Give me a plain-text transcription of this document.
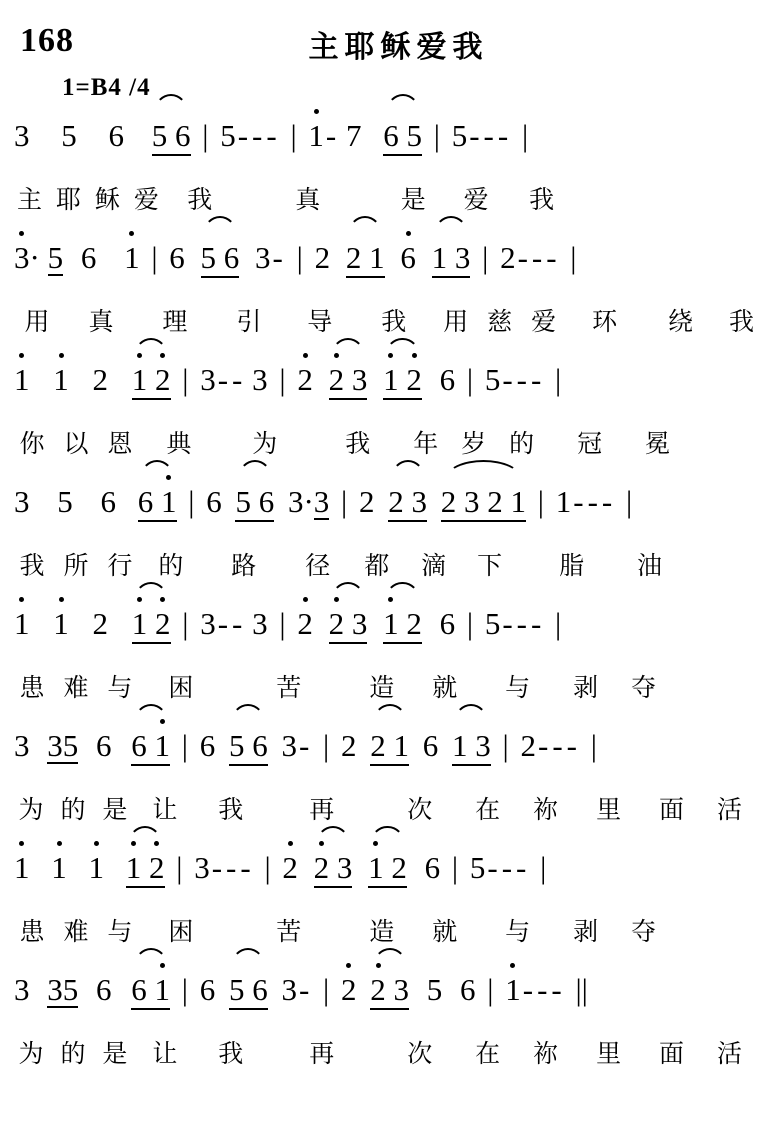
168	主耶稣爱我
1=B4 /4
3 5 6 5 6 | 5- - - | 1- 7 6 5 | 5- - - |
主 耶 稣 爱 我	真	是 爱 我
3· 5 6 1 | 6 5 6 3- | 2 2 1 6 1 3 | 2- - - |
用 真 理 引 导 我 用 慈 爱 环 绕 我
1 1 2 1 2 | 3- - 3 | 2 2 3 1 2 6 | 5- - - |
你 以 恩 典 为	我 年 岁 的 冠 冕
3 5 6 6 1 | 6 5 6 3·3 | 2 2 3 2 3 2 1 | 1- - - |
我 所 行 的 路 径 都 滴 下 脂 油
1 1 2 1 2 | 3- - 3 | 2 2 3 1 2 6 | 5- - - |
患 难 与 困	苦	造 就 与 剥 夺
3 35 6 6 1 | 6 5 6 3- | 2 2 1 6 1 3 | 2- - - |
为 的 是 让 我	再	次 在 祢 里 面 活
1 1 1 1 2 | 3- - - | 2 2 3 1 2 6 | 5- - - |
患 难 与 困	苦	造 就 与 剥 夺
3 35 6 6 1 | 6 5 6 3- | 2 2 3 5 6 | 1- - - ||
为 的 是 让 我	再	次 在 祢 里 面 活
